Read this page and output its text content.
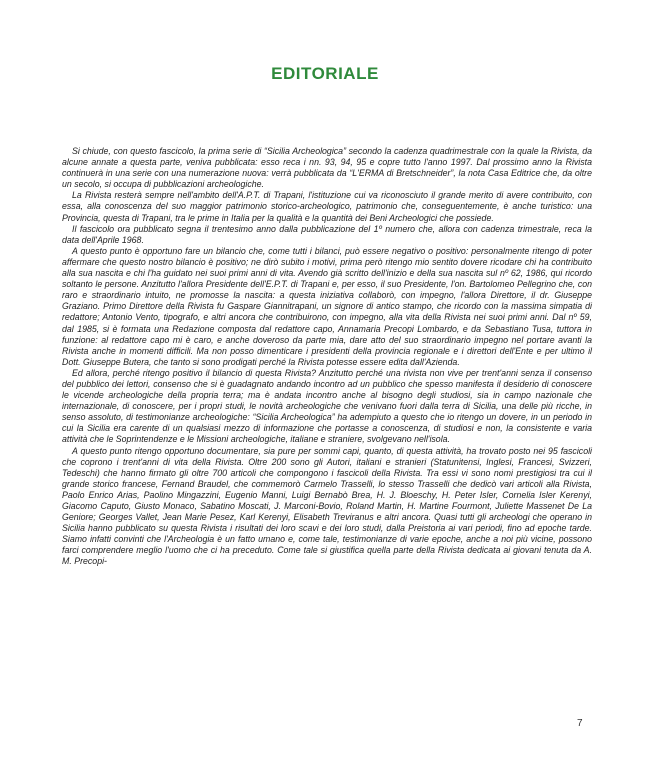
EDITORIALE

Si chiude, con questo fascicolo, la prima serie di “Sicilia Archeologica” secondo la cadenza quadrimestrale con la quale la Rivista, da alcune annate a questa parte, veniva pubblicata: esso reca i nn. 93, 94, 95 e copre tutto l'anno 1997. Dal prossimo anno la Rivista continuerà in una serie con una numerazione nuova: verrà pubblicata da “L'ERMA di Bretschneider”, la nota Casa Editrice che, da oltre un secolo, si occupa di pubblicazioni archeologiche.

La Rivista resterà sempre nell'ambito dell'A.P.T. di Trapani, l'istituzione cui va riconosciuto il grande merito di avere contribuito, con essa, alla conoscenza del suo maggior patrimonio storico-archeologico, patrimonio che, conseguentemente, è anche turistico: una Provincia, questa di Trapani, tra le prime in Italia per la qualità e la quantità dei Beni Archeologici che possiede.

Il fascicolo ora pubblicato segna il trentesimo anno dalla pubblicazione del 1º numero che, allora con cadenza trimestrale, reca la data dell'Aprile 1968.

A questo punto è opportuno fare un bilancio che, come tutti i bilanci, può essere negativo o positivo: personalmente ritengo di poter affermare che questo nostro bilancio è positivo; ne dirò subito i motivi, prima però ritengo mio sentito dovere ricodare chi ha contribuito alla sua nascita e chi l'ha guidato nei suoi primi anni di vita. Avendo già scritto dell'inizio e della sua nascita sul nº 62, 1986, qui ricordo soltanto le persone. Anzitutto l'allora Presidente dell'E.P.T. di Trapani e, per esso, il suo Presidente, l'on. Bartolomeo Pellegrino che, con raro e straordinario intuito, ne promosse la nascita: a questa iniziativa collaborò, con impegno, l'allora Direttore, il dr. Giuseppe Graziano. Primo Direttore della Rivista fu Gaspare Giannitrapani, un signore di antico stampo, che ricordo con la massima simpatia di redattore; Antonio Vento, tipografo, e altri ancora che contribuirono, con impegno, alla vita della Rivista nei suoi primi anni. Dal nº 59, dal 1985, si è formata una Redazione composta dal redattore capo, Annamaria Precopi Lombardo, e da Sebastiano Tusa, tuttora in funzione: al redattore capo mi è caro, e anche doveroso da parte mia, dare atto del suo straordinario impegno nel portare avanti la Rivista anche in momenti difficili. Ma non posso dimenticare i presidenti della provincia regionale e i direttori dell'Ente e per ultimo il Dott. Giuseppe Butera, che tanto si sono prodigati perché la Rivista potesse essere edita dall'Azienda.

Ed allora, perché ritengo positivo il bilancio di questa Rivista? Anzitutto perché una rivista non vive per trent'anni senza il consenso del pubblico dei lettori, consenso che si è guadagnato andando incontro ad un pubblico che spesso manifesta il desiderio di conoscere le vicende archeologiche della propria terra; ma è andata incontro anche al bisogno degli studiosi, sia in campo nazionale che internazionale, di conoscere, per i propri studi, le novità archeologiche che venivano fuori dalla terra di Sicilia, una delle più ricche, in senso assoluto, di testimonianze archeologiche: “Sicilia Archeologica” ha adempiuto a questo che io ritengo un dovere, in un periodo in cui la Sicilia era carente di un qualsiasi mezzo di informazione che portasse a conoscenza, di studiosi e non, la consistente e varia attività che le Soprintendenze e le Missioni archeologiche, italiane e straniere, svolgevano nell'isola.

A questo punto ritengo opportuno documentare, sia pure per sommi capi, quanto, di questa attività, ha trovato posto nei 95 fascicoli che coprono i trent'anni di vita della Rivista. Oltre 200 sono gli Autori, italiani e stranieri (Statunitensi, Inglesi, Francesi, Svizzeri, Tedeschi) che hanno firmato gli oltre 700 articoli che compongono i fascicoli della Rivista. Tra essi vi sono nomi prestigiosi tra cui il grande storico francese, Fernand Braudel, che commemorò Carmelo Trasselli, lo stesso Trasselli che dedicò vari articoli alla Rivista, Paolo Enrico Arias, Paolino Mingazzini, Eugenio Manni, Luigi Bernabò Brea, H. J. Bloeschy, H. Peter Isler, Cornelia Isler Kerenyi, Giacomo Caputo, Giusto Monaco, Sabatino Moscati, J. Marconi-Bovio, Roland Martin, H. Martine Fourmont, Juliette Massenet De La Geniore; Georges Vallet, Jean Marie Pesez, Karl Kerenyi, Elisabeth Treviranus e altri ancora. Quasi tutti gli archeologi che operano in Sicilia hanno pubblicato su questa Rivista i risultati dei loro scavi e dei loro studi, dalla Preistoria ai vari periodi, fino ad epoche tarde. Siamo infatti convinti che l'Archeologia è un fatto umano e, come tale, testimonianze di varie epoche, anche a noi più vicine, possono farci comprendere meglio l'uomo che ci ha preceduto. Come tale si giustifica quella parte della Rivista dedicata ai giovani tenuta da A. M. Precopi-

7
